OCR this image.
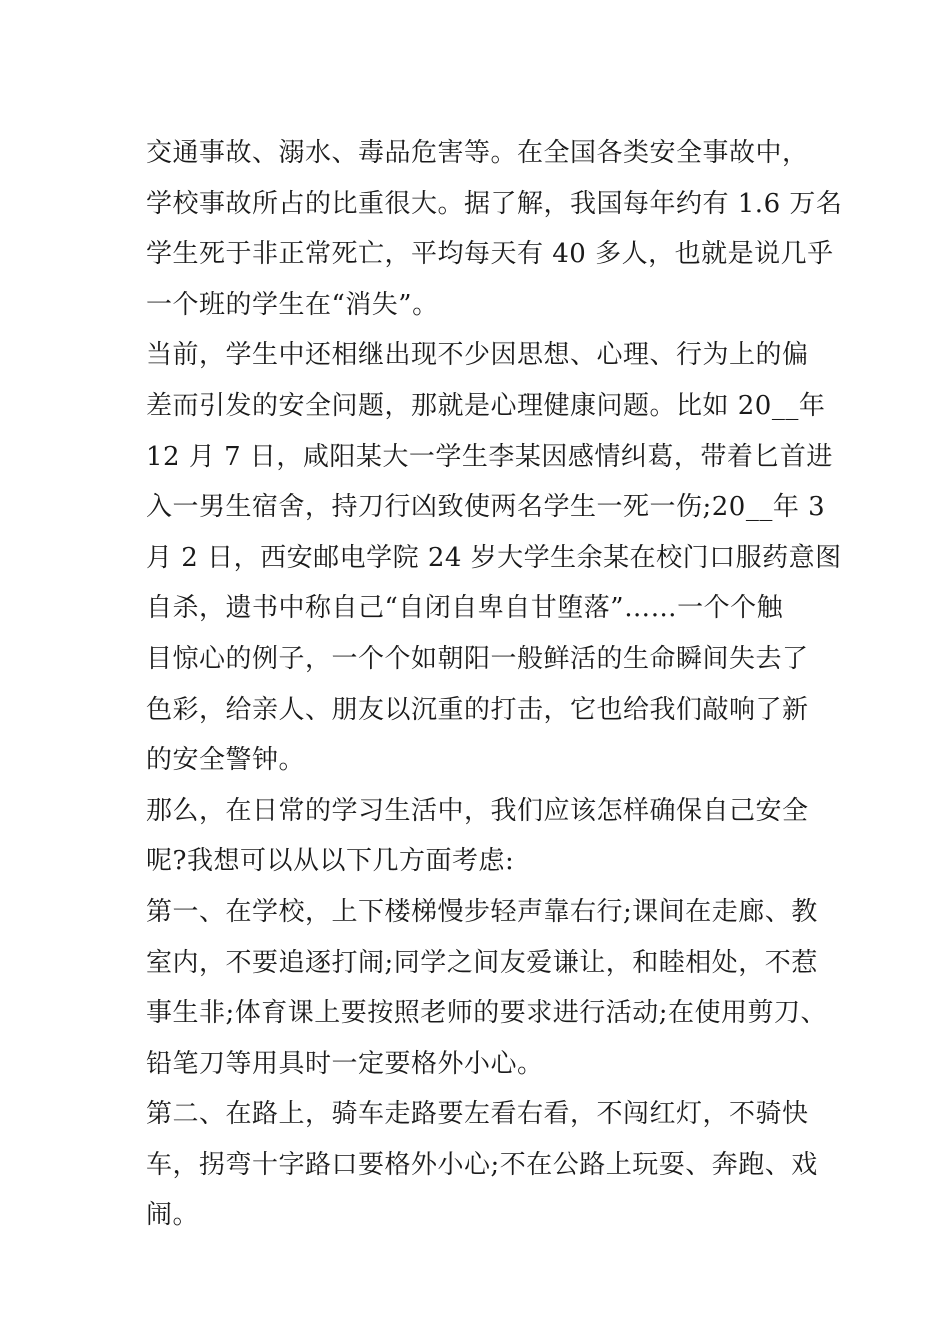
交通事故、溺水、毒品危害等。在全国各类安全事故中，
学校事故所占的比重很大。据了解，我国每年约有 1.6 万名
学生死于非正常死亡，平均每天有 40 多人，也就是说几乎
一个班的学生在“消失”。
当前，学生中还相继出现不少因思想、心理、行为上的偏
差而引发的安全问题，那就是心理健康问题。比如 20__年
12 月 7 日，咸阳某大一学生李某因感情纠葛，带着匕首进
入一男生宿舍，持刀行凶致使两名学生一死一伤;20__年 3
月 2 日，西安邮电学院 24 岁大学生余某在校门口服药意图
自杀，遗书中称自己“自闭自卑自甘堕落”……一个个触
目惊心的例子，一个个如朝阳一般鲜活的生命瞬间失去了
色彩，给亲人、朋友以沉重的打击，它也给我们敲响了新
的安全警钟。
那么，在日常的学习生活中，我们应该怎样确保自己安全
呢?我想可以从以下几方面考虑:
第一、在学校，上下楼梯慢步轻声靠右行;课间在走廊、教
室内，不要追逐打闹;同学之间友爱谦让，和睦相处，不惹
事生非;体育课上要按照老师的要求进行活动;在使用剪刀、
铅笔刀等用具时一定要格外小心。
第二、在路上，骑车走路要左看右看，不闯红灯，不骑快
车，拐弯十字路口要格外小心;不在公路上玩耍、奔跑、戏
闹。
